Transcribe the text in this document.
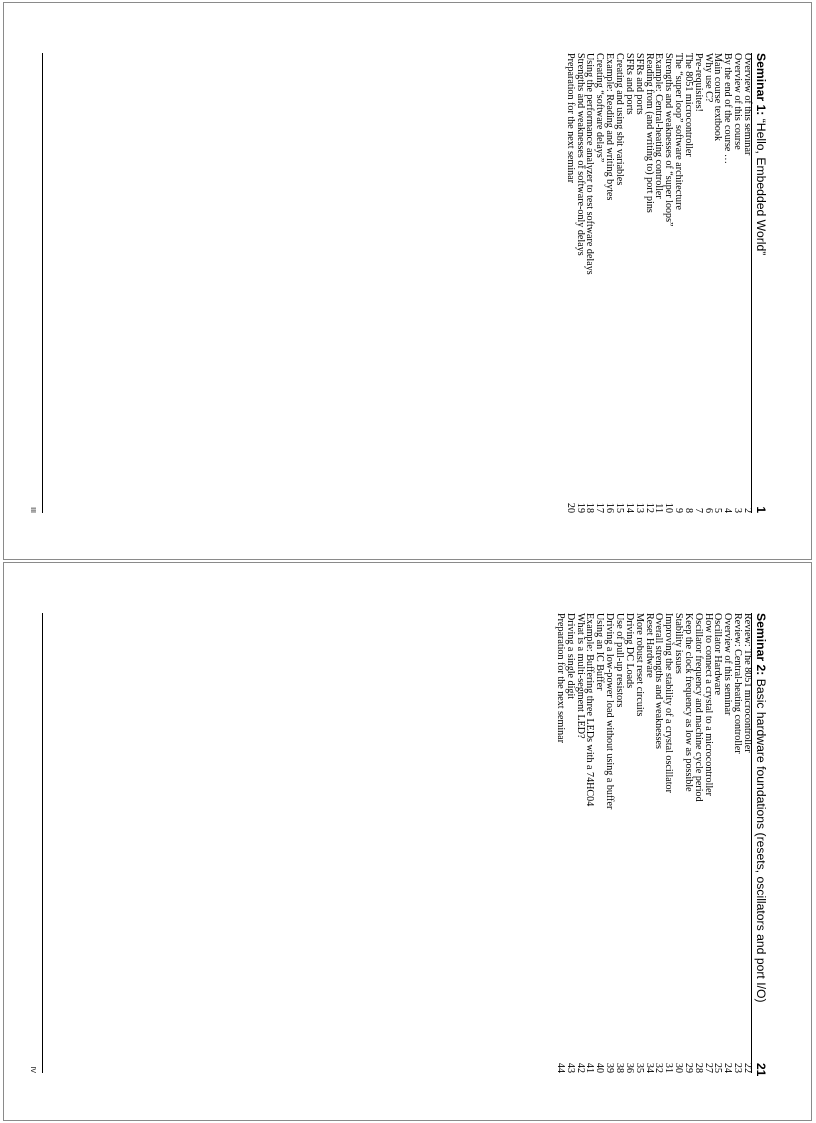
Seminar 1: “Hello, Embedded World”
1
Overview of this seminar
2
Overview of this course
3
By the end of the course …
4
Main course textbook
5
Why use C?
6
Pre-requisites!
7
The 8051 microcontroller
8
The “super loop” software architecture
9
Strengths and weaknesses of “super loops”
10
Example: Central-heating controller
11
Reading from (and writing to) port pins
12
SFRs and ports
13
SFRs and ports
14
Creating and using sbit variables
15
Example: Reading and writing bytes
16
Creating “software delays”
17
Using the performance analyzer to test software delays
18
Strengths and weaknesses of software-only delays
19
Preparation for the next seminar
20
III
Seminar 2: Basic hardware foundations (resets, oscillators and port I/O)
21
Review: The 8051 microcontroller
22
Review: Central-heating controller
23
Overview of this seminar
24
Oscillator Hardware
25
How to connect a crystal to a microcontroller
27
Oscillator frequency and machine cycle period
28
Keep the clock frequency as low as possible
29
Stability issues
30
Improving the stability of a crystal oscillator
31
Overall strengths and weaknesses
32
Reset Hardware
34
More robust reset circuits
35
Driving DC Loads
36
Use of pull-up resistors
38
Driving a low-power load without using a buffer
39
Using an IC Buffer
40
Example: Buffering three LEDs with a 74HC04
41
What is a multi-segment LED?
42
Driving a single digit
43
Preparation for the next seminar
44
IV
